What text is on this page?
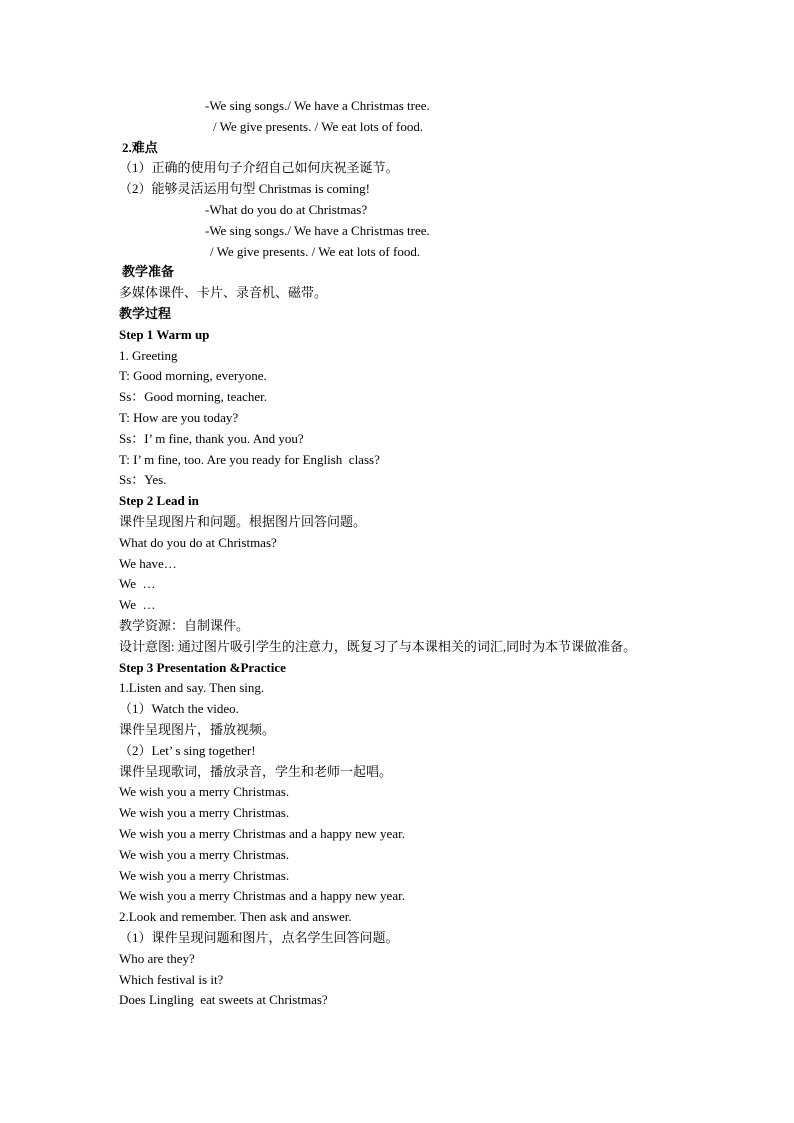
-We sing songs./ We have a Christmas tree.
/ We give presents. / We eat lots of food.
2.难点
（1）正确的使用句子介绍自己如何庆祝圣诞节。
（2）能够灵活运用句型 Christmas is coming!
-What do you do at Christmas?
-We sing songs./ We have a Christmas tree.
/ We give presents. / We eat lots of food.
教学准备
多媒体课件、卡片、录音机、磁带。
教学过程
Step 1 Warm up
1. Greeting
T: Good morning, everyone.
Ss：Good morning, teacher.
T: How are you today?
Ss：I’ m fine, thank you. And you?
T: I’ m fine, too. Are you ready for English  class?
Ss：Yes.
Step 2 Lead in
课件呈现图片和问题。根据图片回答问题。
What do you do at Christmas?
We have…
We  …
We  …
教学资源：自制课件。
设计意图: 通过图片吸引学生的注意力，既复习了与本课相关的词汇,同时为本节课做准备。
Step 3 Presentation &Practice
1.Listen and say. Then sing.
（1）Watch the video.
课件呈现图片，播放视频。
（2）Let’ s sing together!
课件呈现歌词，播放录音，学生和老师一起唱。
We wish you a merry Christmas.
We wish you a merry Christmas.
We wish you a merry Christmas and a happy new year.
We wish you a merry Christmas.
We wish you a merry Christmas.
We wish you a merry Christmas and a happy new year.
2.Look and remember. Then ask and answer.
（1）课件呈现问题和图片，点名学生回答问题。
Who are they?
Which festival is it?
Does Lingling  eat sweets at Christmas?
